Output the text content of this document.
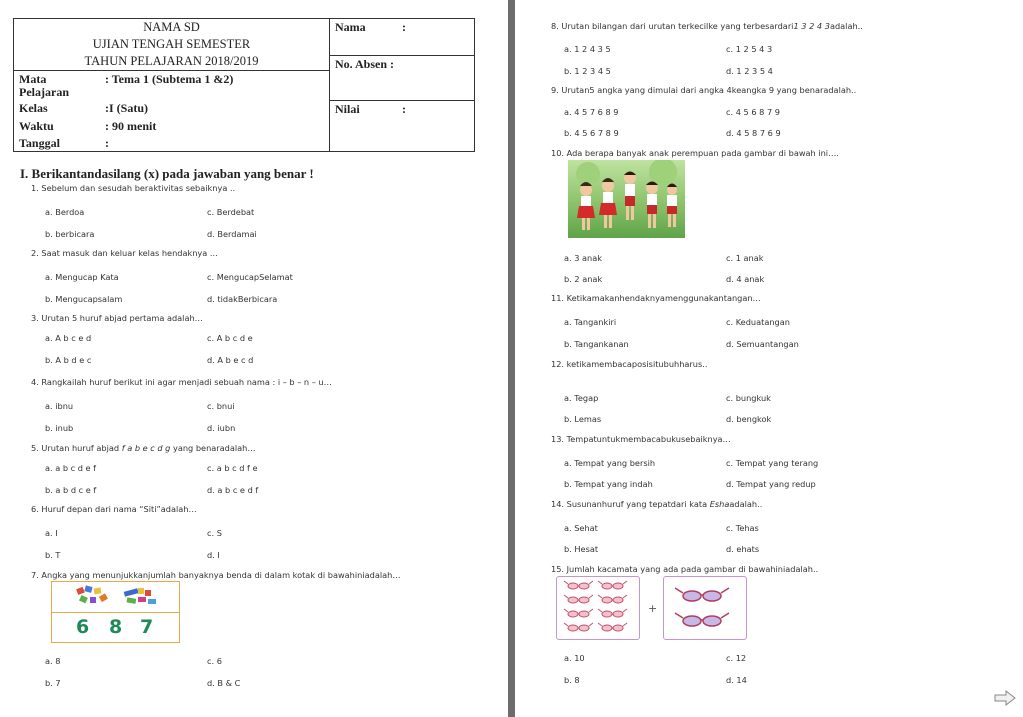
NAMA SD
UJIAN TENGAH SEMESTER
TAHUN PELAJARAN 2018/2019
Mata	: Tema 1 (Subtema 1 &2)
Pelajaran
Kelas	:I (Satu)
Waktu	: 90 menit
Tanggal	:
Nama	:
No. Absen :
Nilai	:
I. Berikantandasilang (x) pada jawaban yang benar !
1. Sebelum dan sesudah beraktivitas sebaiknya ..
a. Berdoa	c. Berdebat
b. berbicara	d. Berdamai
2. Saat masuk dan keluar kelas hendaknya ...
a. Mengucap Kata	c. MengucapSelamat
b. Mengucapsalam	d. tidakBerbicara
3. Urutan 5 huruf abjad pertama adalah…
a. A b c e d	c. A b c d e
b. A b d e c	d. A b e c d
4. Rangkailah huruf berikut ini agar menjadi sebuah nama : i – b – n – u…
a. ibnu	c. bnui
b. inub	d. iubn
5. Urutan huruf abjad f a b e c d g yang benaradalah…
a. a b c d e f	c. a b c d f e
b. a b d c e f	d. a b c e d f
6. Huruf depan dari nama “Siti”adalah…
a. I	c. S
b. T	d. I
7. Angka yang menunjukkanjumlah banyaknya benda di dalam kotak di bawahiniadalah…
6 8 7
a. 8	c. 6
b. 7	d. B & C
8. Urutan bilangan dari urutan terkecilke yang terbesardari1 3 2 4 3adalah..
a. 1 2 4 3 5	c. 1 2 5 4 3
b. 1 2 3 4 5	d. 1 2 3 5 4
9. Urutan5 angka yang dimulai dari angka 4keangka 9 yang benaradalah..
a. 4 5 7 6 8 9	c. 4 5 6 8 7 9
b. 4 5 6 7 8 9	d. 4 5 8 7 6 9
10. Ada berapa banyak anak perempuan pada gambar di bawah ini….
a. 3 anak	c. 1 anak
b. 2 anak	d. 4 anak
11. Ketikamakanhendaknyamenggunakantangan…
a. Tangankiri	c. Keduatangan
b. Tangankanan	d. Semuantangan
12. ketikamembacaposisitubuhharus..
a. Tegap	c. bungkuk
b. Lemas	d. bengkok
13. Tempatuntukmembacabukusebaiknya…
a. Tempat yang bersih	c. Tempat yang terang
b. Tempat yang indah	d. Tempat yang redup
14. Susunanhuruf yang tepatdari kata Eshaadalah..
a. Sehat	c. Tehas
b. Hesat	d. ehats
15. Jumlah kacamata yang ada pada gambar di bawahiniadalah..
+
a. 10	c. 12
b. 8	d. 14
